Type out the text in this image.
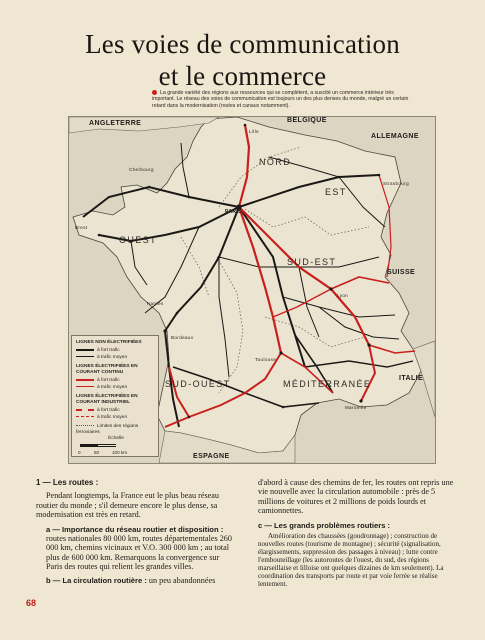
Les voies de communication
et le commerce
La grande variété des régions aux ressources qui se complètent, a suscité un commerce intérieur très important. Le réseau des voies de communication est toujours un des plus denses du monde, malgré un certain retard dans la modernisation (routes et canaux notamment).
ANGLETERRE	BELGIQUE
ALLEMAGNE
SUISSE
ITALIE
ESPAGNE
NORD
EST
OUEST
SUD-EST
SUD-OUEST	MÉDITERRANÉE
PARIS
Cherbourg
Brest
Nantes
Bordeaux
Toulouse
Lyon
Marseille
Strasbourg
Lille
LIGNES NON ÉLECTRIFIÉES
à fort trafic
à trafic moyen
LIGNES ÉLECTRIFIÉES EN COURANT CONTINU
à fort trafic
à trafic moyen
LIGNES ÉLECTRIFIÉES EN COURANT INDUSTRIEL
à fort trafic
à trafic moyen
Limites des régions ferroviaires
Échelle
0	50	100 km

1 — Les routes :

Pendant longtemps, la France eut le plus beau réseau routier du monde ; s'il demeure encore le plus dense, sa modernisation est très en retard.

a — Importance du réseau routier et disposition : routes nationales 80 000 km, routes départementales 260 000 km, chemins vicinaux et V.O. 300 000 km ; au total plus de 600 000 km. Remarquons la convergence sur Paris des routes qui relient les grandes villes.

b — La circulation routière : un peu abandonnées

d'abord à cause des chemins de fer, les routes ont repris une vie nouvelle avec la circulation automobile : près de 5 millions de voitures et 2 millions de poids lourds et camionnettes.

c — Les grands problèmes routiers :

Amélioration des chaussées (goudronnage) ; construction de nouvelles routes (tourisme de montagne) ; sécurité (signalisation, élargissements, suppression des passages à niveau) ; lutte contre l'embouteillage (les autoroutes de l'ouest, du sud, des régions marseillaise et lilloise ont quelques dizaines de km seulement). La coordination des transports par route et par voie ferrée se réalise lentement.

68
